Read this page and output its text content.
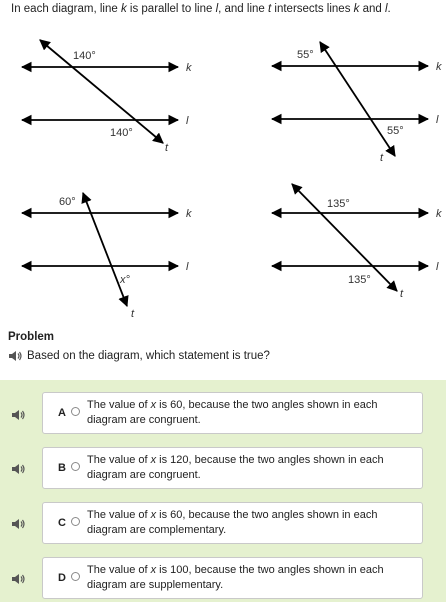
In each diagram, line k is parallel to line l, and line t intersects lines k and l.
140°
140°
k
l
t
55°
55°
k
l
t
60°
x°
k
l
t
135°
135°
k
l
t
Problem
Based on the diagram, which statement is true?
A
The value of x is 60, because the two angles shown in each diagram are congruent.
B
The value of x is 120, because the two angles shown in each diagram are congruent.
C
The value of x is 60, because the two angles shown in each diagram are complementary.
D
The value of x is 100, because the two angles shown in each diagram are supplementary.
